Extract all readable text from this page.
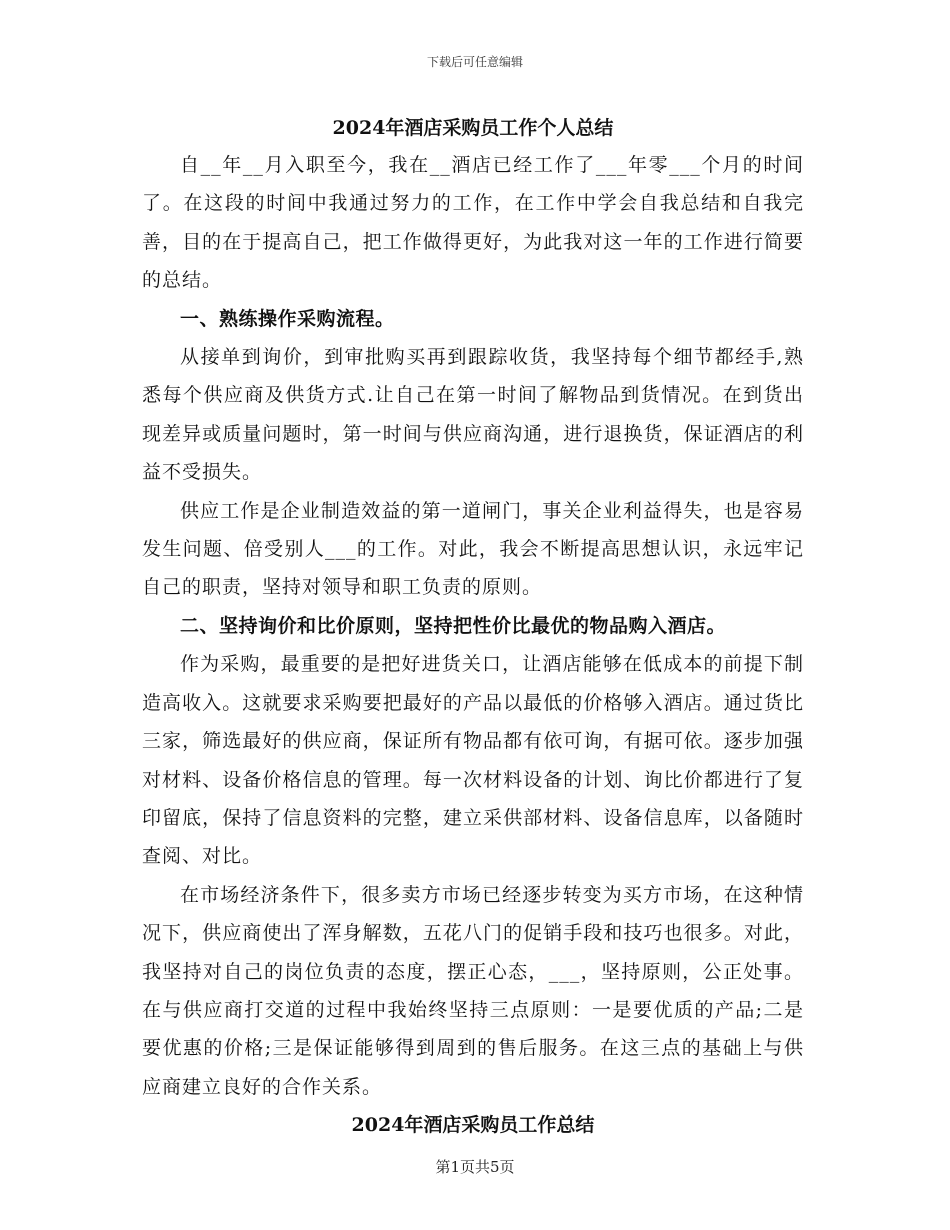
下载后可任意编辑
2024年酒店采购员工作个人总结

自__年__月入职至今，我在__酒店已经工作了___年零___个月的时间了。在这段的时间中我通过努力的工作，在工作中学会自我总结和自我完善，目的在于提高自己，把工作做得更好，为此我对这一年的工作进行简要的总结。

一、熟练操作采购流程。

从接单到询价，到审批购买再到跟踪收货，我坚持每个细节都经手,熟悉每个供应商及供货方式.让自己在第一时间了解物品到货情况。在到货出现差异或质量问题时，第一时间与供应商沟通，进行退换货，保证酒店的利益不受损失。

供应工作是企业制造效益的第一道闸门，事关企业利益得失，也是容易发生问题、倍受别人___的工作。对此，我会不断提高思想认识，永远牢记自己的职责，坚持对领导和职工负责的原则。

二、坚持询价和比价原则，坚持把性价比最优的物品购入酒店。

作为采购，最重要的是把好进货关口，让酒店能够在低成本的前提下制造高收入。这就要求采购要把最好的产品以最低的价格够入酒店。通过货比三家，筛选最好的供应商，保证所有物品都有依可询，有据可依。逐步加强对材料、设备价格信息的管理。每一次材料设备的计划、询比价都进行了复印留底，保持了信息资料的完整，建立采供部材料、设备信息库，以备随时查阅、对比。

在市场经济条件下，很多卖方市场已经逐步转变为买方市场，在这种情况下，供应商使出了浑身解数，五花八门的促销手段和技巧也很多。对此，我坚持对自己的岗位负责的态度，摆正心态，___，坚持原则，公正处事。在与供应商打交道的过程中我始终坚持三点原则：一是要优质的产品;二是要优惠的价格;三是保证能够得到周到的售后服务。在这三点的基础上与供应商建立良好的合作关系。

2024年酒店采购员工作总结
第1页共5页
